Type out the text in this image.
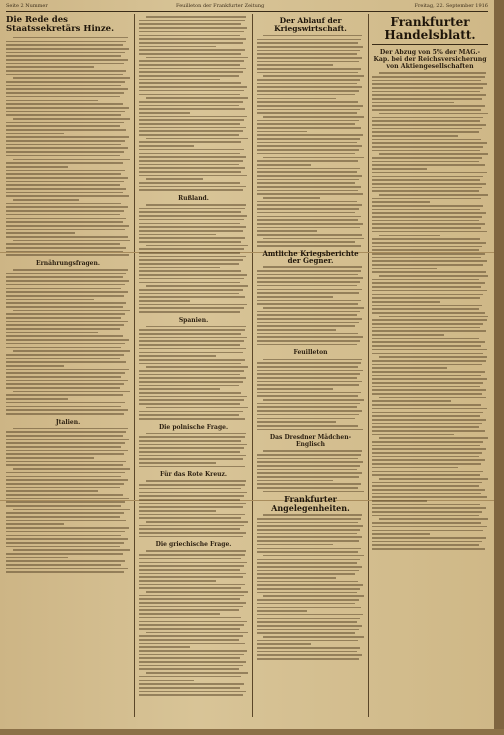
Seite 2 Nummer	Feuilleton der Frankfurter Zeitung	Freitag, 22. September 1916
Die Rede des Staatssekretärs Hinze.
Ernährungsfragen.
Jtalien.
Rußland.
Spanien.
Die polnische Frage.
Für das Rote Kreuz.
Die griechische Frage.
Der Ablauf der Kriegswirtschaft.
Amtliche Kriegsberichte der Gegner.
Feuilleton
Das Dresdner Mädchen-Englisch
Frankfurter Angelegenheiten.
Frankfurter Handelsblatt.
Der Abzug von 5% der MAG.-Kap. bei der Reichsversicherung von Aktiengesellschaften
